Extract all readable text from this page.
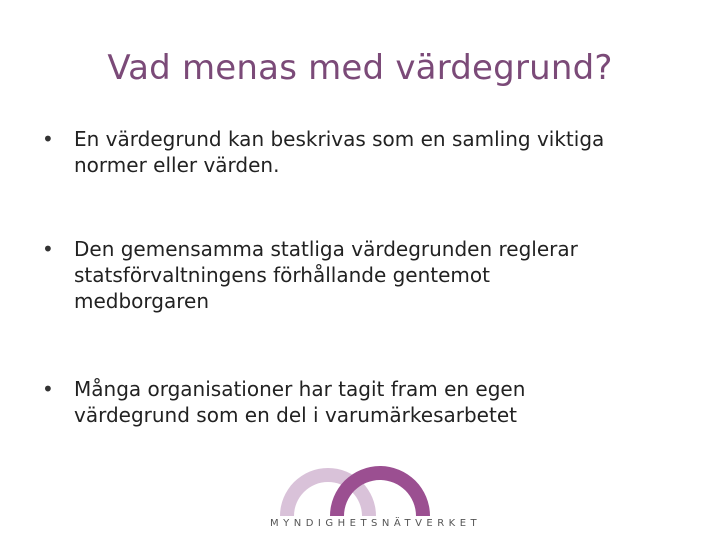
Vad menas med värdegrund?
•	En värdegrund kan beskrivas som en samling viktiga
normer eller värden.
•	Den gemensamma statliga värdegrunden reglerar
statsförvaltningens förhållande gentemot
medborgaren
•	Många organisationer har tagit fram en egen
värdegrund som en del i varumärkesarbetet
MYNDIGHETSNÄTVERKET
